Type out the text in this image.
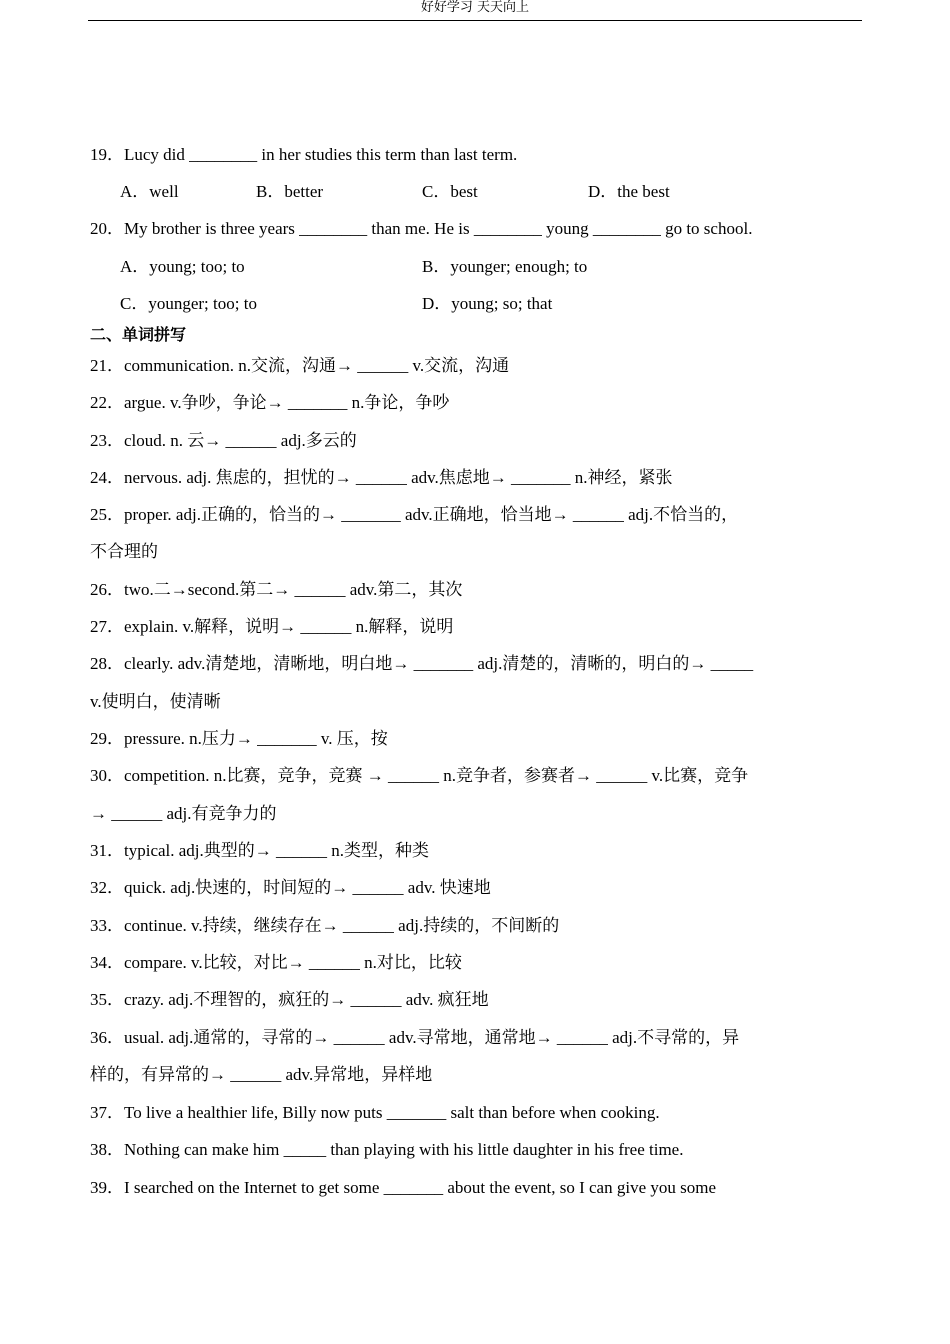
好好学习 天天向上
19．Lucy did ________ in her studies this term than last term.
A．well	B．better	C．best	D．the best
20．My brother is three years ________ than me. He is ________ young ________ go to school.
A．young; too; to	B．younger; enough; to
C．younger; too; to	D．young; so; that
二、单词拼写
21．communication. n.交流，沟通→ ______ v.交流，沟通
22．argue. v.争吵，争论→ _______ n.争论，争吵
23．cloud. n. 云→ ______ adj.多云的
24．nervous. adj. 焦虑的，担忧的→ ______ adv.焦虑地→ _______ n.神经，紧张
25．proper. adj.正确的，恰当的→ _______ adv.正确地，恰当地→ ______ adj.不恰当的，
不合理的
26．two.二→second.第二→ ______ adv.第二，其次
27．explain. v.解释，说明→ ______ n.解释，说明
28．clearly. adv.清楚地，清晰地，明白地→ _______ adj.清楚的，清晰的，明白的→ _____
v.使明白，使清晰
29．pressure. n.压力→ _______ v. 压，按
30．competition. n.比赛，竞争，竞赛 → ______ n.竞争者，参赛者→ ______ v.比赛，竞争
→ ______ adj.有竞争力的
31．typical. adj.典型的→ ______ n.类型，种类
32．quick. adj.快速的，时间短的→ ______ adv. 快速地
33．continue. v.持续，继续存在→ ______ adj.持续的，不间断的
34．compare. v.比较，对比→ ______ n.对比，比较
35．crazy. adj.不理智的，疯狂的→ ______ adv. 疯狂地
36．usual. adj.通常的，寻常的→ ______ adv.寻常地，通常地→ ______ adj.不寻常的，异
样的，有异常的→ ______ adv.异常地，异样地
37．To live a healthier life, Billy now puts _______ salt than before when cooking.
38．Nothing can make him _____ than playing with his little daughter in his free time.
39．I searched on the Internet to get some _______ about the event, so I can give you some
